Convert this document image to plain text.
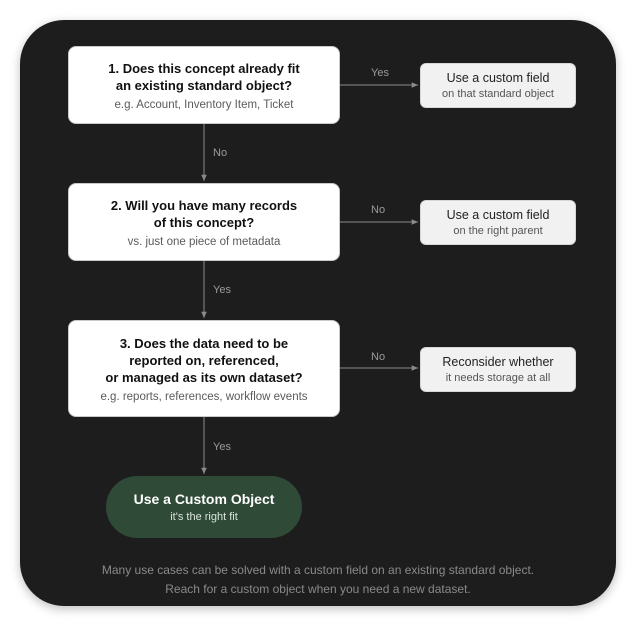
1. Does this concept already fit
an existing standard object?
e.g. Account, Inventory Item, Ticket
2. Will you have many records
of this concept?
vs. just one piece of metadata
3. Does the data need to be
reported on, referenced,
or managed as its own dataset?
e.g. reports, references, workflow events
Use a custom field
on that standard object
Use a custom field
on the right parent
Reconsider whether
it needs storage at all
Yes
No
No
Yes
No
Yes
Use a Custom Object
it's the right fit
Many use cases can be solved with a custom field on an existing standard object.
Reach for a custom object when you need a new dataset.
